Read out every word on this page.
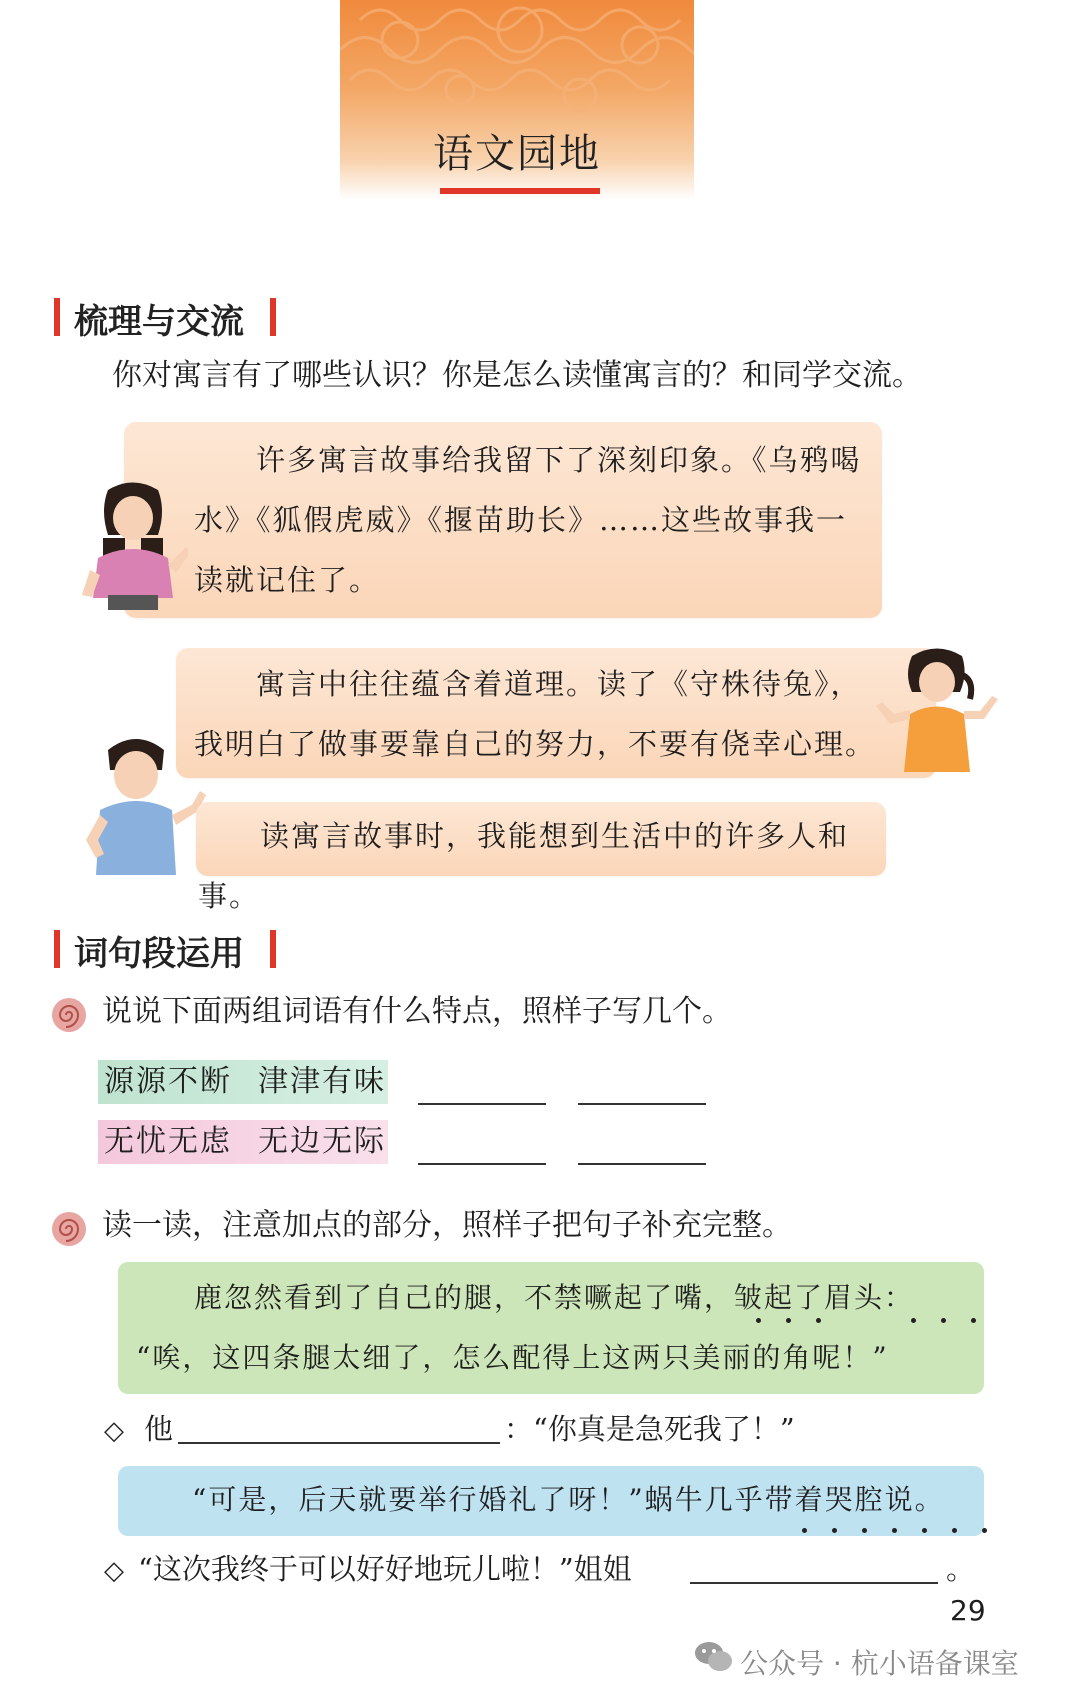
语文园地
梳理与交流
你对寓言有了哪些认识？你是怎么读懂寓言的？和同学交流。
　　许多寓言故事给我留下了深刻印象。《乌鸦喝
水》《狐假虎威》《揠苗助长》……这些故事我一
读就记住了。
　　寓言中往往蕴含着道理。读了《守株待兔》，
我明白了做事要靠自己的努力，不要有侥幸心理。
　　读寓言故事时，我能想到生活中的许多人和事。
词句段运用
说说下面两组词语有什么特点，照样子写几个。
源源不断 津津有味
无忧无虑 无边无际
读一读，注意加点的部分，照样子把句子补充完整。
鹿忽然看到了自己的腿，不禁噘起了嘴，皱起了眉头：
“唉，这四条腿太细了，怎么配得上这两只美丽的角呢！”
◇ 他	：“你真是急死我了！”
“可是，后天就要举行婚礼了呀！”蜗牛几乎带着哭腔说。
◇ “这次我终于可以好好地玩儿啦！”姐姐	。
29
公众号 · 杭小语备课室
